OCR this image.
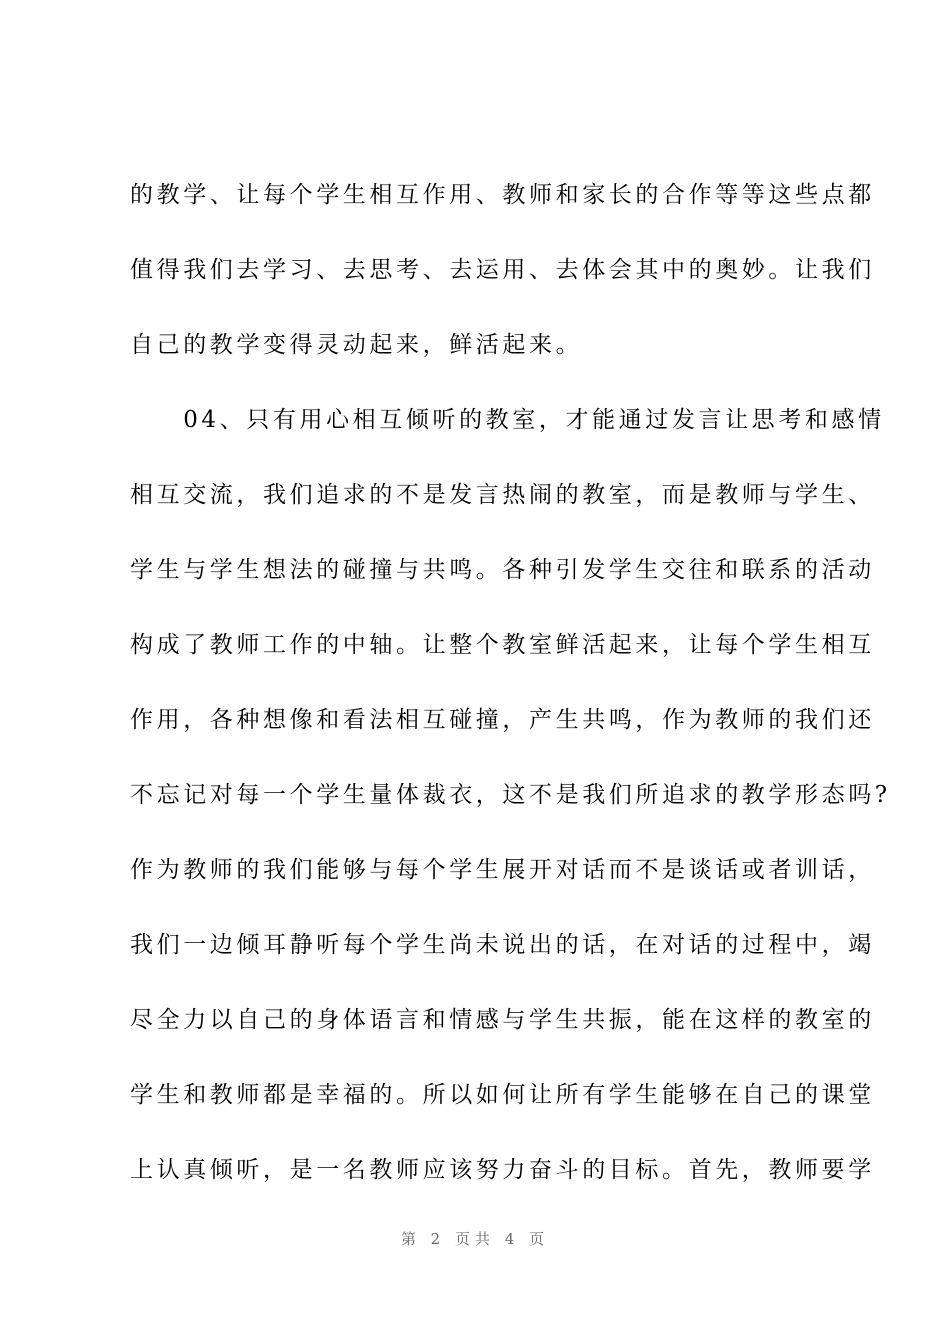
的教学、让每个学生相互作用、教师和家长的合作等等这些点都
值得我们去学习、去思考、去运用、去体会其中的奥妙。让我们
自己的教学变得灵动起来，鲜活起来。
　　04、只有用心相互倾听的教室，才能通过发言让思考和感情
相互交流，我们追求的不是发言热闹的教室，而是教师与学生、
学生与学生想法的碰撞与共鸣。各种引发学生交往和联系的活动
构成了教师工作的中轴。让整个教室鲜活起来，让每个学生相互
作用，各种想像和看法相互碰撞，产生共鸣，作为教师的我们还
不忘记对每一个学生量体裁衣，这不是我们所追求的教学形态吗?
作为教师的我们能够与每个学生展开对话而不是谈话或者训话，
我们一边倾耳静听每个学生尚未说出的话，在对话的过程中，竭
尽全力以自己的身体语言和情感与学生共振，能在这样的教室的
学生和教师都是幸福的。所以如何让所有学生能够在自己的课堂
上认真倾听，是一名教师应该努力奋斗的目标。首先，教师要学
第 2 页共 4 页
